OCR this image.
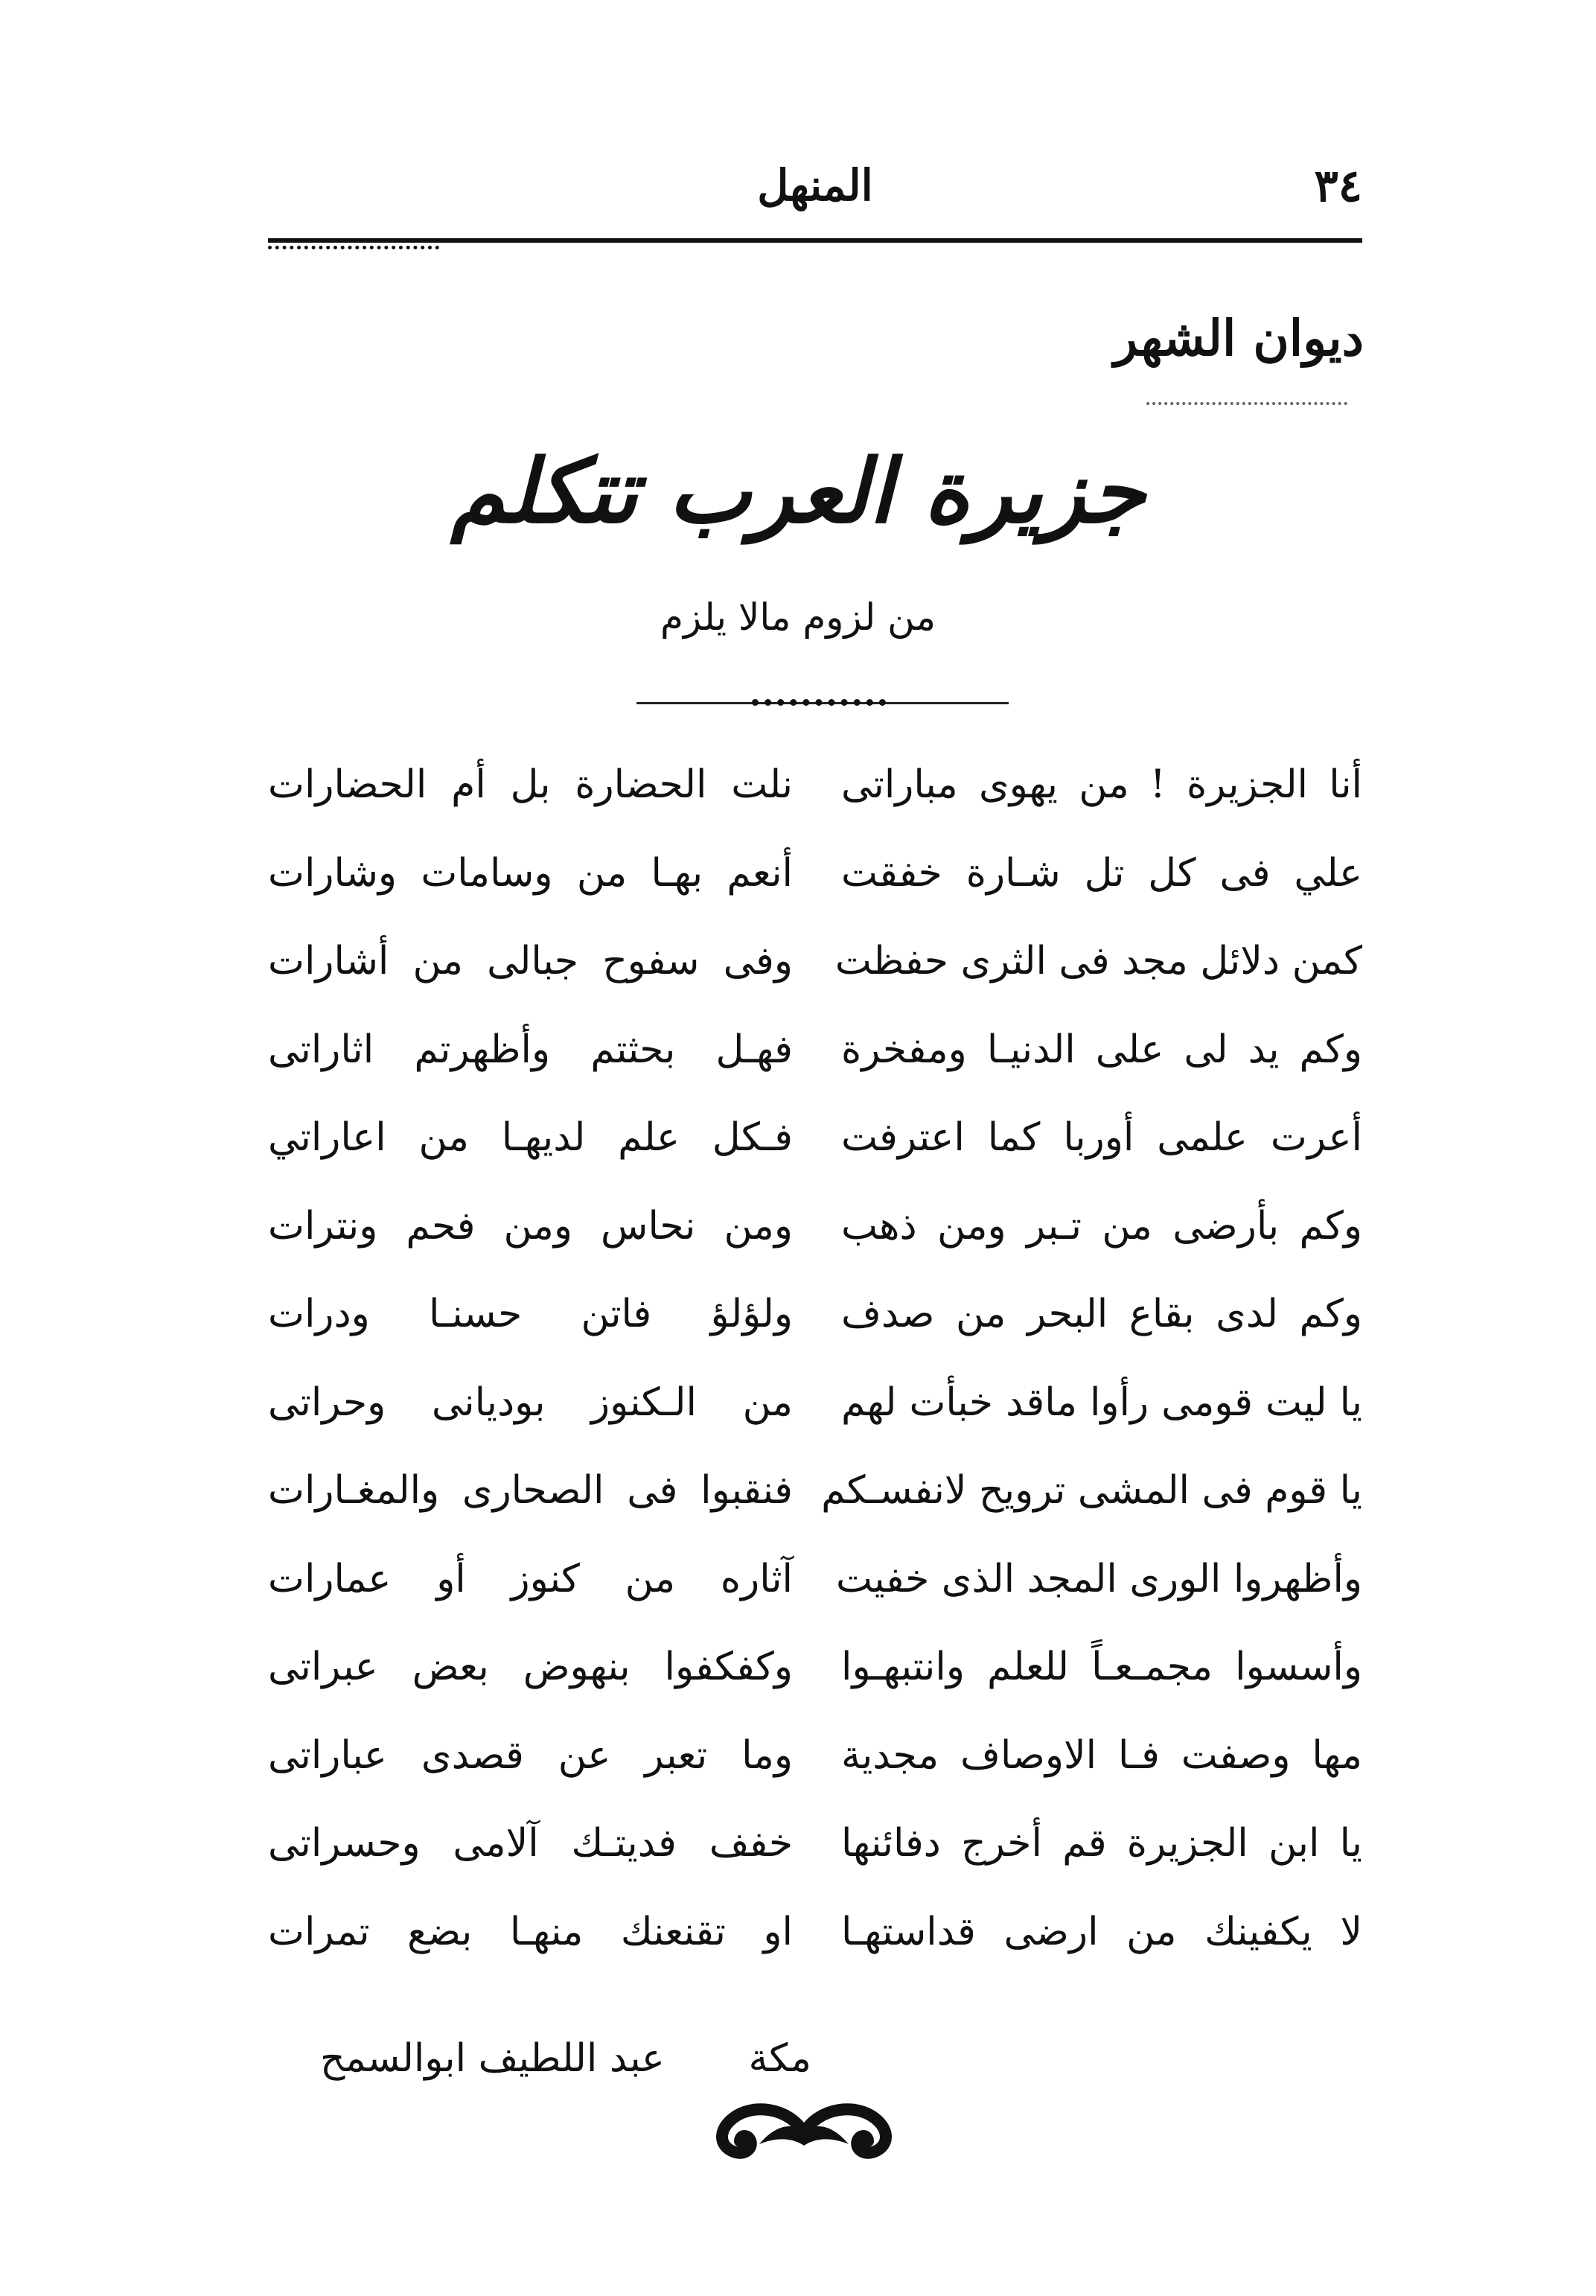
٣٤
المنهل
ديوان الشهر
جزيرة العرب تتكلم
من لزوم مالا يلزم
أنا الجزيرة ! من يهوى مباراتى
نلت الحضارة بل أم الحضارات
علي فى كل تل شـارة خفقت
أنعم بهـا من وسامات وشارات
كمن دلائل مجد فى الثرى حفظت
وفى سفوح جبالى من أشارات
وكم يد لى على الدنيـا ومفخرة
فهـل بحثتم وأظهرتم اثاراتى
أعرت علمى أوربا كما اعترفت
فـكل علم لديهـا من اعاراتي
وكم بأرضى من تـبر ومن ذهب
ومن نحاس ومن فحم ونترات
وكم لدى بقاع البحر من صدف
ولؤلؤ فاتن حسنـا ودرات
يا ليت قومى رأوا ماقد خبأت لهم
من الـكنوز بوديانى وحراتى
يا قوم فى المشى ترويح لانفسـكم
فنقبوا فى الصحارى والمغـارات
وأظهروا الورى المجد الذى خفيت
آثاره من كنوز أو عمارات
وأسسوا مجمـعـاً للعلم وانتبهـوا
وكفكفوا بنهوض بعض عبراتى
مها وصفت فـا الاوصاف مجدية
وما تعبر عن قصدى عباراتى
يا ابن الجزيرة قم أخرج دفائنها
خفف فديتـك آلامى وحسراتى
لا يكفينك من ارضى قداستهـا
او تقنعنك منهـا بضع تمرات
مكة
عبد اللطيف ابوالسمح
